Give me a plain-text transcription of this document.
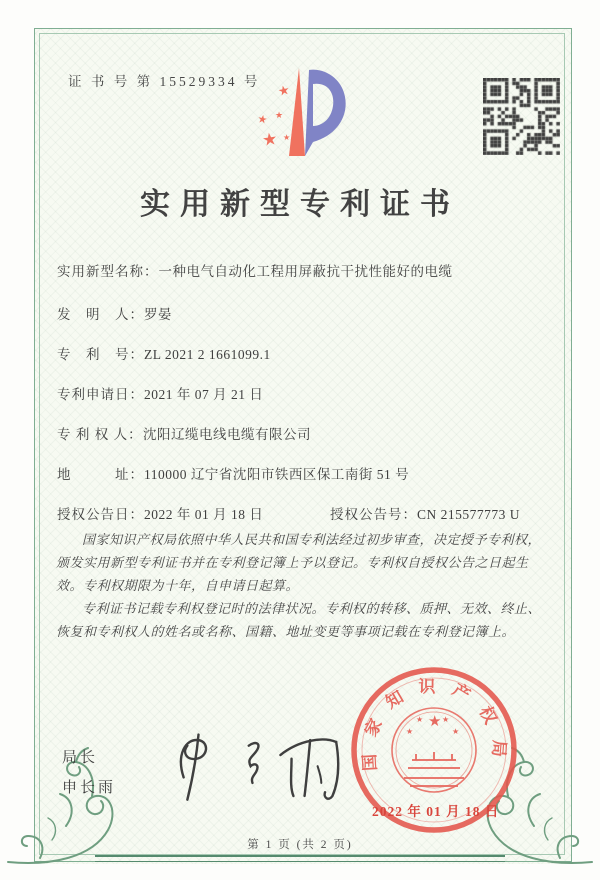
证 书 号 第 15529334 号
★
★ ★
★ ★
实用新型专利证书
实用新型名称：一种电气自动化工程用屏蔽抗干扰性能好的电缆
发　明　人：罗晏
专　利　号：ZL 2021 2 1661099.1
专利申请日：2021 年 07 月 21 日
专 利 权 人：沈阳辽缆电线电缆有限公司
地　　　址：110000 辽宁省沈阳市铁西区保工南街 51 号
授权公告日：2022 年 01 月 18 日	授权公告号：CN 215577773 U

国家知识产权局依照中华人民共和国专利法经过初步审查，决定授予专利权，颁发实用新型专利证书并在专利登记簿上予以登记。专利权自授权公告之日起生效。专利权期限为十年，自申请日起算。

专利证书记载专利权登记时的法律状况。专利权的转移、质押、无效、终止、恢复和专利权人的姓名或名称、国籍、地址变更等事项记载在专利登记簿上。

局长
申长雨
★
★
★ ★
★
国家知识产权局
2022 年 01 月 18 日
第 1 页 (共 2 页)
